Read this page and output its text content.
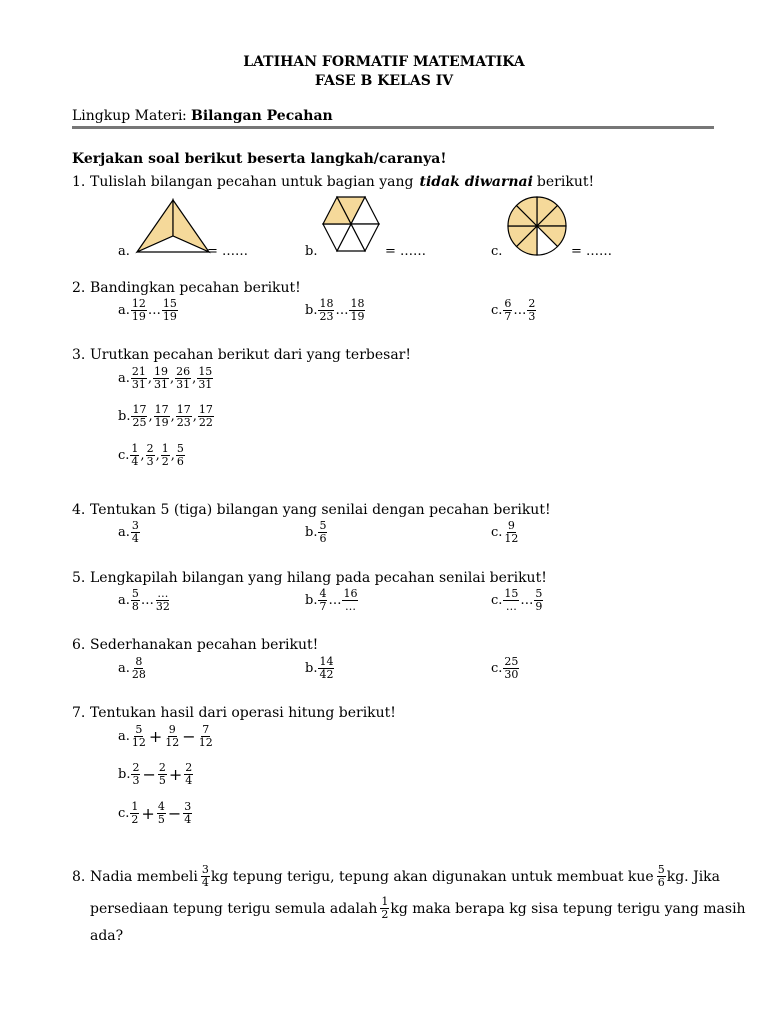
LATIHAN FORMATIF MATEMATIKA
FASE B KELAS IV
Lingkup Materi : Bilangan Pecahan
Kerjakan soal berikut beserta langkah/caranya!
1. Tulislah bilangan pecahan untuk bagian yang tidak diwarnai berikut!
a.	= ……	b.	= ……	c.	= ……
2. Bandingkan pecahan berikut!
a. $\frac{12}{19}$ … $\frac{15}{19}$	b. $\frac{18}{23}$ … $\frac{18}{19}$	c. $\frac{6}{7}$ … $\frac{2}{3}$
3. Urutkan pecahan berikut dari yang terbesar!
a. $\frac{21}{31}$ , $\frac{19}{31}$ , $\frac{26}{31}$ , $\frac{15}{31}$
b. $\frac{17}{25}$ , $\frac{17}{19}$ , $\frac{17}{23}$ , $\frac{17}{22}$
c. $\frac{1}{4}$ , $\frac{2}{3}$ , $\frac{1}{2}$ , $\frac{5}{6}$
4. Tentukan 5 (tiga) bilangan yang senilai dengan pecahan berikut!
a. $\frac{3}{4}$	b. $\frac{5}{6}$	c. $\frac{9}{12}$
5. Lengkapilah bilangan yang hilang pada pecahan senilai berikut!
a. $\frac{5}{8}$ … $\frac{\dots}{32}$	b. $\frac{4}{7}$ … $\frac{16}{\dots}$	c. $\frac{15}{\dots}$ … $\frac{5}{9}$
6. Sederhanakan pecahan berikut!
a. $\frac{8}{28}$	b. $\frac{14}{42}$	c. $\frac{25}{30}$
7. Tentukan hasil dari operasi hitung berikut!
a. $\frac{5}{12} + \frac{9}{12} - \frac{7}{12}$
b. $\frac{2}{3} - \frac{2}{5} + \frac{2}{4}$
c. $\frac{1}{2} + \frac{4}{5} - \frac{3}{4}$
8. Nadia membeli $\frac{3}{4}$ kg tepung terigu, tepung akan digunakan untuk membuat kue $\frac{5}{6}$ kg. Jika
persediaan tepung terigu semula adalah $\frac{1}{2}$ kg maka berapa kg sisa tepung terigu yang masih
ada?
